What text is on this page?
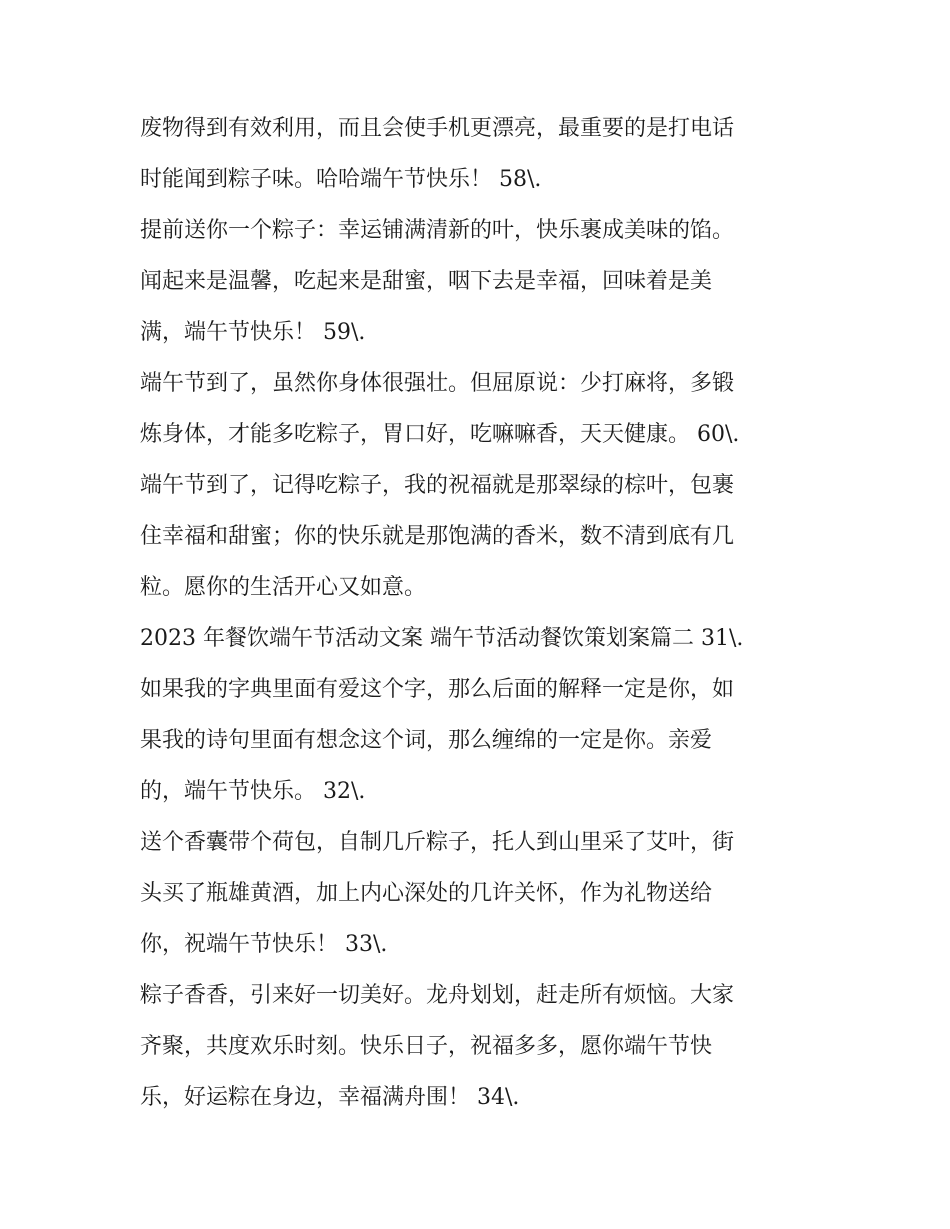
废物得到有效利用，而且会使手机更漂亮，最重要的是打电话
时能闻到粽子味。哈哈端午节快乐！ 58\.

提前送你一个粽子：幸运铺满清新的叶，快乐裹成美味的馅。
闻起来是温馨，吃起来是甜蜜，咽下去是幸福，回味着是美
满，端午节快乐！ 59\.

端午节到了，虽然你身体很强壮。但屈原说：少打麻将，多锻
炼身体，才能多吃粽子，胃口好，吃嘛嘛香，天天健康。 60\.

端午节到了，记得吃粽子，我的祝福就是那翠绿的棕叶，包裹
住幸福和甜蜜；你的快乐就是那饱满的香米，数不清到底有几
粒。愿你的生活开心又如意。

2023 年餐饮端午节活动文案 端午节活动餐饮策划案篇二 31\.

如果我的字典里面有爱这个字，那么后面的解释一定是你，如
果我的诗句里面有想念这个词，那么缠绵的一定是你。亲爱
的，端午节快乐。 32\.

送个香囊带个荷包，自制几斤粽子，托人到山里采了艾叶，街
头买了瓶雄黄酒，加上内心深处的几许关怀，作为礼物送给
你，祝端午节快乐！ 33\.

粽子香香，引来好一切美好。龙舟划划，赶走所有烦恼。大家
齐聚，共度欢乐时刻。快乐日子，祝福多多，愿你端午节快
乐，好运粽在身边，幸福满舟围！ 34\.
